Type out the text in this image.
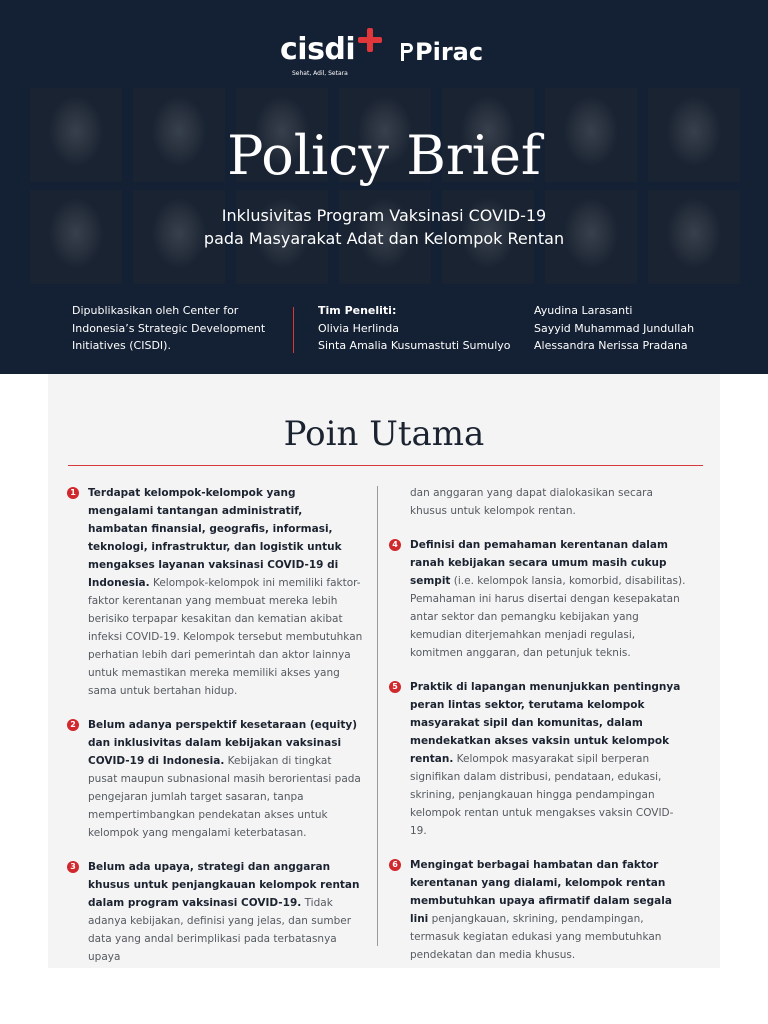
cisdi
Sehat, Adil, Setara
Pirac
Policy Brief
Inklusivitas Program Vaksinasi COVID-19
pada Masyarakat Adat dan Kelompok Rentan
Dipublikasikan oleh Center for Indonesia’s Strategic Development Initiatives (CISDI).
Tim Peneliti:
Olivia Herlinda
Sinta Amalia Kusumastuti Sumulyo
Ayudina Larasanti
Sayyid Muhammad Jundullah
Alessandra Nerissa Pradana
Poin Utama
1	Terdapat kelompok-kelompok yang mengalami tantangan administratif, hambatan finansial, geografis, informasi, teknologi, infrastruktur, dan logistik untuk mengakses layanan vaksinasi COVID-19 di Indonesia. Kelompok-kelompok ini memiliki faktor-faktor kerentanan yang membuat mereka lebih berisiko terpapar kesakitan dan kematian akibat infeksi COVID-19. Kelompok tersebut membutuhkan perhatian lebih dari pemerintah dan aktor lainnya untuk memastikan mereka memiliki akses yang sama untuk bertahan hidup.
2	Belum adanya perspektif kesetaraan (equity) dan inklusivitas dalam kebijakan vaksinasi COVID-19 di Indonesia. Kebijakan di tingkat pusat maupun subnasional masih berorientasi pada pengejaran jumlah target sasaran, tanpa mempertimbangkan pendekatan akses untuk kelompok yang mengalami keterbatasan.
3	Belum ada upaya, strategi dan anggaran khusus untuk penjangkauan kelompok rentan dalam program vaksinasi COVID-19. Tidak adanya kebijakan, definisi yang jelas, dan sumber data yang andal berimplikasi pada terbatasnya upaya
dan anggaran yang dapat dialokasikan secara khusus untuk kelompok rentan.
4	Definisi dan pemahaman kerentanan dalam ranah kebijakan secara umum masih cukup sempit (i.e. kelompok lansia, komorbid, disabilitas). Pemahaman ini harus disertai dengan kesepakatan antar sektor dan pemangku kebijakan yang kemudian diterjemahkan menjadi regulasi, komitmen anggaran, dan petunjuk teknis.
5	Praktik di lapangan menunjukkan pentingnya peran lintas sektor, terutama kelompok masyarakat sipil dan komunitas, dalam mendekatkan akses vaksin untuk kelompok rentan. Kelompok masyarakat sipil berperan signifikan dalam distribusi, pendataan, edukasi, skrining, penjangkauan hingga pendampingan kelompok rentan untuk mengakses vaksin COVID-19.
6	Mengingat berbagai hambatan dan faktor kerentanan yang dialami, kelompok rentan membutuhkan upaya afirmatif dalam segala lini penjangkauan, skrining, pendampingan, termasuk kegiatan edukasi yang membutuhkan pendekatan dan media khusus.
